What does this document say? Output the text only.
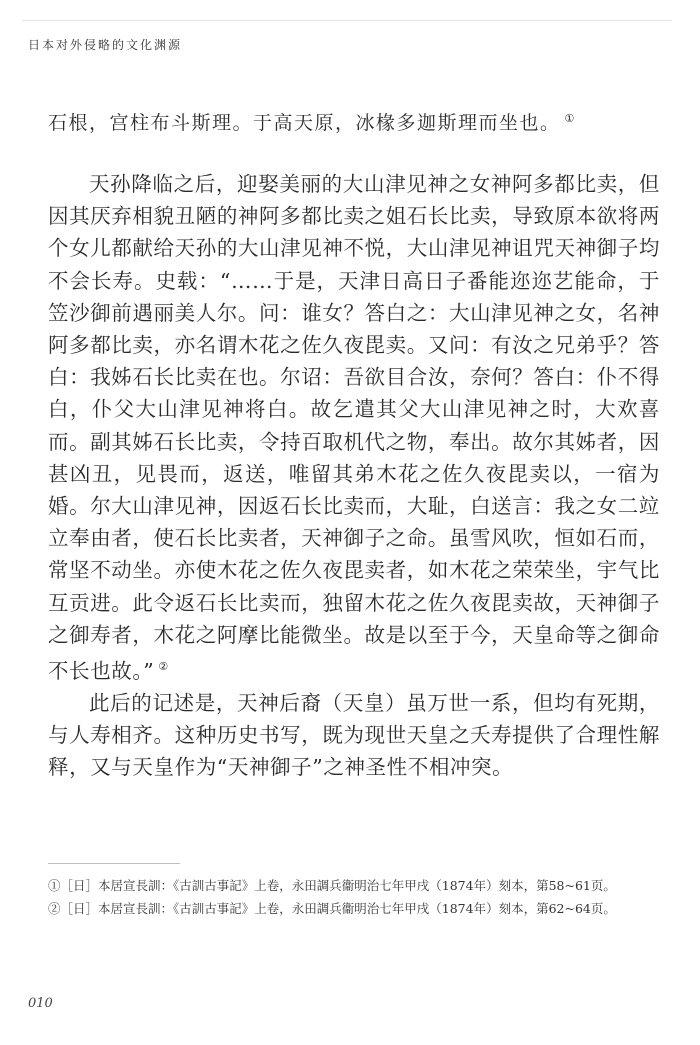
日本对外侵略的文化渊源
石根，宫柱布斗斯理。于高天原，冰椽多迦斯理而坐也。 ①

天孙降临之后，迎娶美丽的大山津见神之女神阿多都比卖，但因其厌弃相貌丑陋的神阿多都比卖之姐石长比卖，导致原本欲将两个女儿都献给天孙的大山津见神不悦，大山津见神诅咒天神御子均不会长寿。史载：“……于是，天津日高日子番能迩迩艺能命，于笠沙御前遇丽美人尔。问：谁女？答白之：大山津见神之女，名神阿多都比卖，亦名谓木花之佐久夜毘卖。又问：有汝之兄弟乎？答白：我姊石长比卖在也。尔诏：吾欲目合汝，奈何？答白：仆不得白，仆父大山津见神将白。故乞遣其父大山津见神之时，大欢喜而。副其姊石长比卖，令持百取机代之物，奉出。故尔其姊者，因甚凶丑，见畏而，返送，唯留其弟木花之佐久夜毘卖以，一宿为婚。尔大山津见神，因返石长比卖而，大耻，白送言：我之女二竝立奉由者，使石长比卖者，天神御子之命。虽雪风吹，恒如石而，常坚不动坐。亦使木花之佐久夜毘卖者，如木花之荣荣坐，宇气比互贡进。此令返石长比卖而，独留木花之佐久夜毘卖故，天神御子之御寿者，木花之阿摩比能微坐。故是以至于今，天皇命等之御命不长也故。” ②

此后的记述是，天神后裔（天皇）虽万世一系，但均有死期，与人寿相齐。这种历史书写，既为现世天皇之夭寿提供了合理性解释，又与天皇作为“天神御子”之神圣性不相冲突。

①［日］本居宣長訓：《古訓古事記》上卷，永田調兵衞明治七年甲戌（1874年）刻本，第58~61页。

②［日］本居宣長訓：《古訓古事記》上卷，永田調兵衞明治七年甲戌（1874年）刻本，第62~64页。

010
